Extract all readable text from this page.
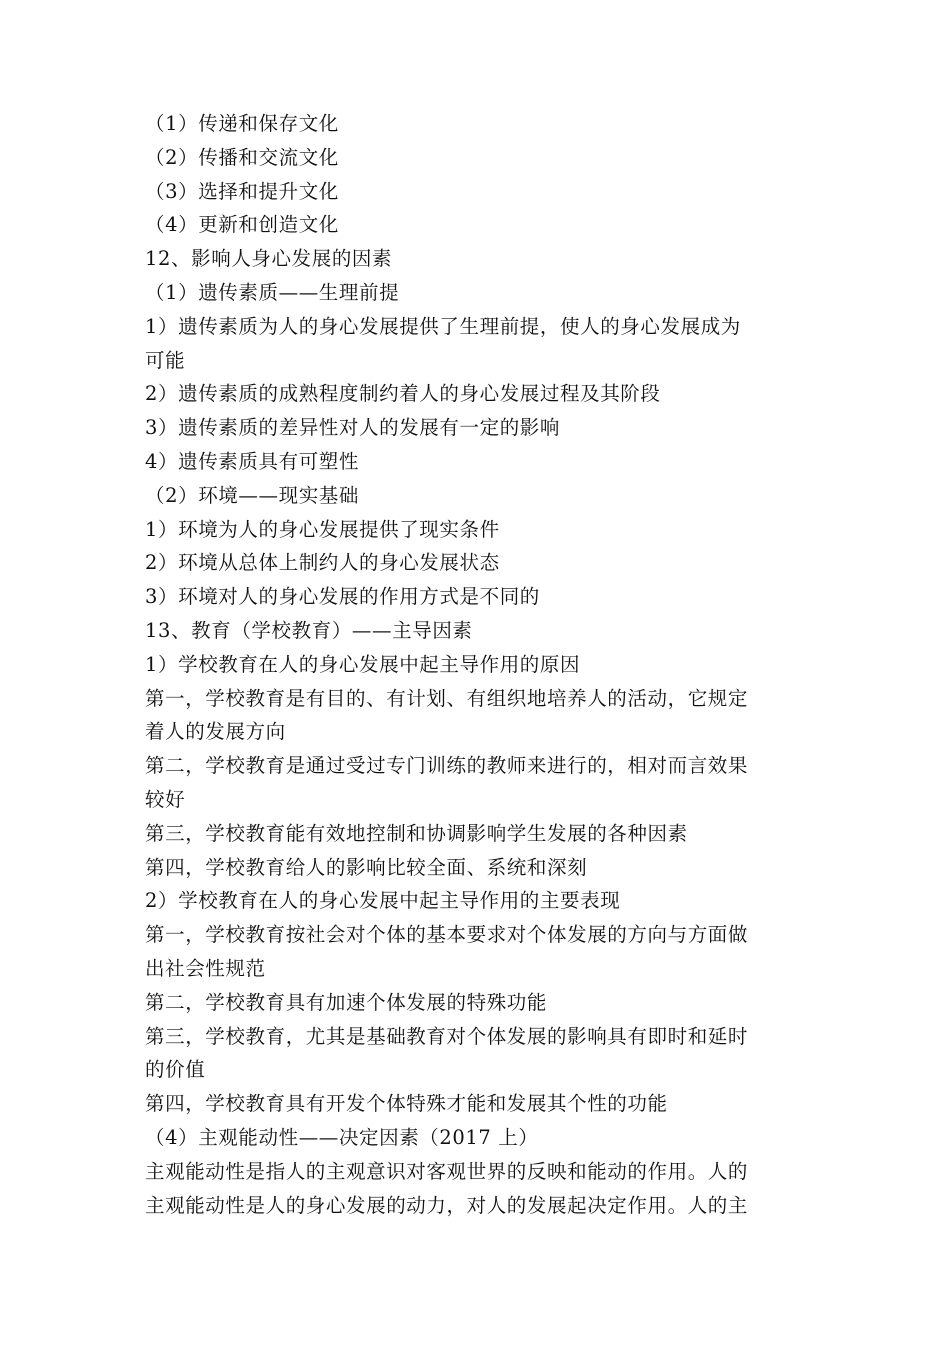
（1）传递和保存文化
（2）传播和交流文化
（3）选择和提升文化
（4）更新和创造文化
12、影响人身心发展的因素
（1）遗传素质——生理前提
1）遗传素质为人的身心发展提供了生理前提，使人的身心发展成为
可能
2）遗传素质的成熟程度制约着人的身心发展过程及其阶段
3）遗传素质的差异性对人的发展有一定的影响
4）遗传素质具有可塑性
（2）环境——现实基础
1）环境为人的身心发展提供了现实条件
2）环境从总体上制约人的身心发展状态
3）环境对人的身心发展的作用方式是不同的
13、教育（学校教育）——主导因素
1）学校教育在人的身心发展中起主导作用的原因
第一，学校教育是有目的、有计划、有组织地培养人的活动，它规定
着人的发展方向
第二，学校教育是通过受过专门训练的教师来进行的，相对而言效果
较好
第三，学校教育能有效地控制和协调影响学生发展的各种因素
第四，学校教育给人的影响比较全面、系统和深刻
2）学校教育在人的身心发展中起主导作用的主要表现
第一，学校教育按社会对个体的基本要求对个体发展的方向与方面做
出社会性规范
第二，学校教育具有加速个体发展的特殊功能
第三，学校教育，尤其是基础教育对个体发展的影响具有即时和延时
的价值
第四，学校教育具有开发个体特殊才能和发展其个性的功能
（4）主观能动性——决定因素（2017 上）
主观能动性是指人的主观意识对客观世界的反映和能动的作用。人的
主观能动性是人的身心发展的动力，对人的发展起决定作用。人的主
